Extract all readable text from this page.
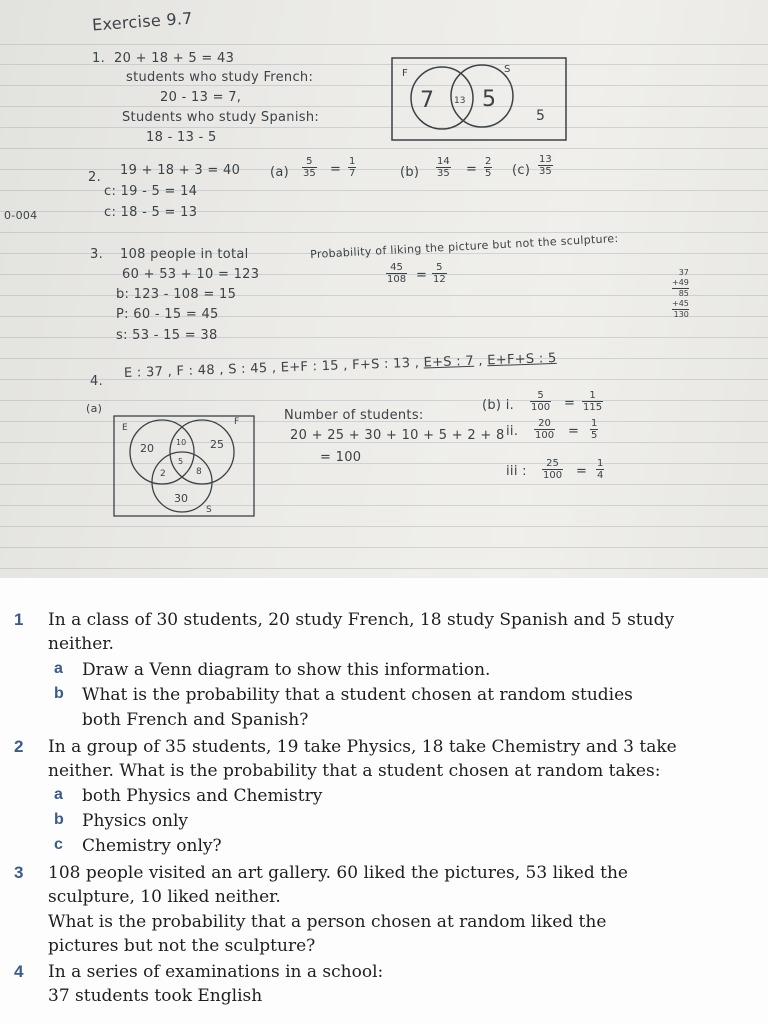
Exercise 9.7
0-004
1. 20 + 18 + 5 = 43
students who study French:
20 - 13 = 7,
Students who study Spanish:
18 - 13 - 5
F	S
7 13 5
5
2. 19 + 18 + 3 = 40
c: 19 - 5 = 14
c: 18 - 5 = 13
$(a) \frac{5}{35} = \frac{1}{7}$	$(b) \frac{14}{35} = \frac{2}{5} (c) \frac{13}{35}$
3. 108 people in total
60 + 53 + 10 = 123
b: 123 - 108 = 15
P: 60 - 15 = 45
s: 53 - 15 = 38
Probability of liking the picture but not the sculpture:
$\frac{45}{108} = \frac{5}{12}$	37
+49
85
+45
130
4.
E : 37 , F : 48 , S : 45 , E+F : 15 , F+S : 13 , E+S : 7 , E+F+S : 5
(a)
E
F
S
20	10 25
5
2	8
30
Number of students:
20 + 25 + 30 + 10 + 5 + 2 + 8
= 100
(b) i. $\frac{5}{100} = \frac{1}{115}$
ii. $\frac{20}{100} = \frac{1}{5}$
iii : $\frac{25}{100} = \frac{1}{4}$
1 In a class of 30 students, 20 study French, 18 study Spanish and 5 study
neither.
a Draw a Venn diagram to show this information.
b What is the probability that a student chosen at random studies
both French and Spanish?
2 In a group of 35 students, 19 take Physics, 18 take Chemistry and 3 take
neither. What is the probability that a student chosen at random takes:
a both Physics and Chemistry
b Physics only
c Chemistry only?
3 108 people visited an art gallery. 60 liked the pictures, 53 liked the
sculpture, 10 liked neither.
What is the probability that a person chosen at random liked the
pictures but not the sculpture?
4 In a series of examinations in a school:
37 students took English
